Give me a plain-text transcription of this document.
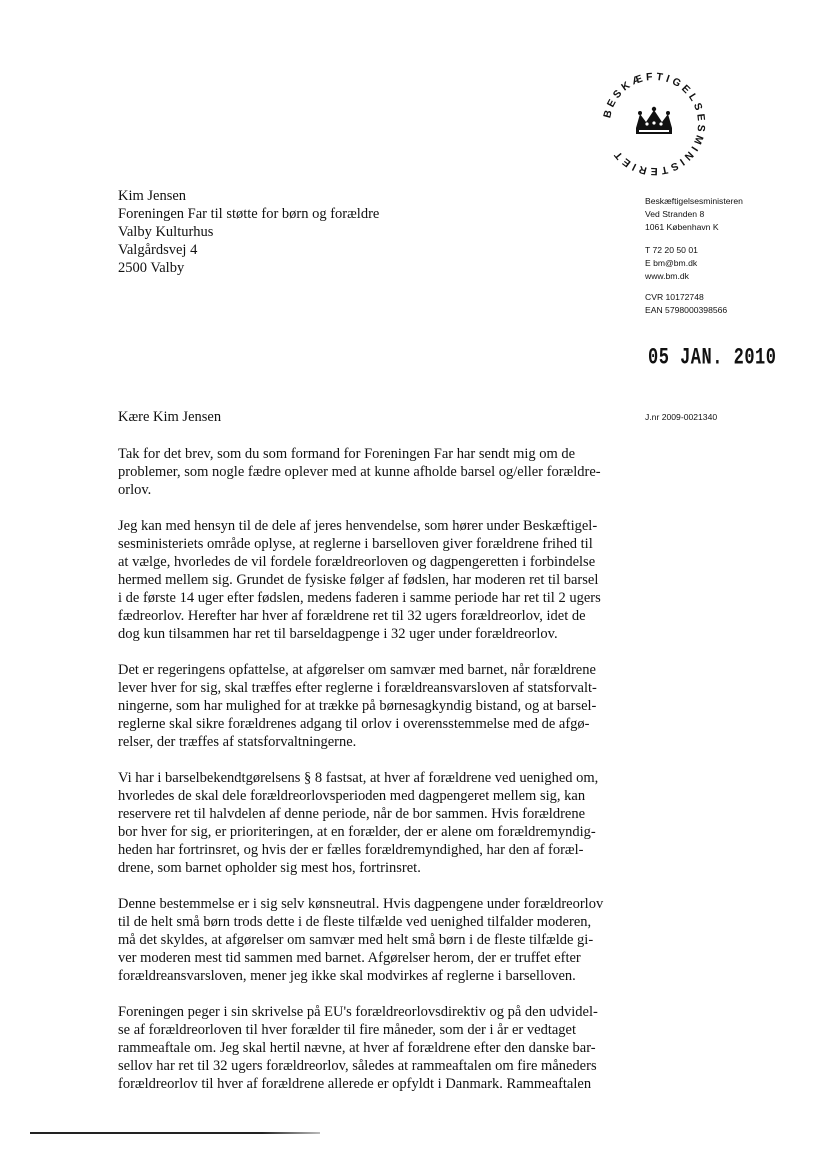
BESKÆFTIGELSESMINISTERIET
Kim Jensen
Foreningen Far til støtte for børn og forældre
Valby Kulturhus
Valgårdsvej 4
2500 Valby
Beskæftigelsesministeren
Ved Stranden 8
1061 København K
T 72 20 50 01
E bm@bm.dk
www.bm.dk
CVR 10172748
EAN 5798000398566
05 JAN. 2010
J.nr 2009-0021340
Kære Kim Jensen
Tak for det brev, som du som formand for Foreningen Far har sendt mig om de
problemer, som nogle fædre oplever med at kunne afholde barsel og/eller forældre-
orlov.
Jeg kan med hensyn til de dele af jeres henvendelse, som hører under Beskæftigel-
sesministeriets område oplyse, at reglerne i barselloven giver forældrene frihed til
at vælge, hvorledes de vil fordele forældreorloven og dagpengeretten i forbindelse
hermed mellem sig. Grundet de fysiske følger af fødslen, har moderen ret til barsel
i de første 14 uger efter fødslen, medens faderen i samme periode har ret til 2 ugers
fædreorlov. Herefter har hver af forældrene ret til 32 ugers forældreorlov, idet de
dog kun tilsammen har ret til barseldagpenge i 32 uger under forældreorlov.
Det er regeringens opfattelse, at afgørelser om samvær med barnet, når forældrene
lever hver for sig, skal træffes efter reglerne i forældreansvarsloven af statsforvalt-
ningerne, som har mulighed for at trække på børnesagkyndig bistand, og at barsel-
reglerne skal sikre forældrenes adgang til orlov i overensstemmelse med de afgø-
relser, der træffes af statsforvaltningerne.
Vi har i barselbekendtgørelsens § 8 fastsat, at hver af forældrene ved uenighed om,
hvorledes de skal dele forældreorlovsperioden med dagpengeret mellem sig, kan
reservere ret til halvdelen af denne periode, når de bor sammen. Hvis forældrene
bor hver for sig, er prioriteringen, at en forælder, der er alene om forældremyndig-
heden har fortrinsret, og hvis der er fælles forældremyndighed, har den af foræl-
drene, som barnet opholder sig mest hos, fortrinsret.
Denne bestemmelse er i sig selv kønsneutral. Hvis dagpengene under forældreorlov
til de helt små børn trods dette i de fleste tilfælde ved uenighed tilfalder moderen,
må det skyldes, at afgørelser om samvær med helt små børn i de fleste tilfælde gi-
ver moderen mest tid sammen med barnet. Afgørelser herom, der er truffet efter
forældreansvarsloven, mener jeg ikke skal modvirkes af reglerne i barselloven.
Foreningen peger i sin skrivelse på EU's forældreorlovsdirektiv og på den udvidel-
se af forældreorloven til hver forælder til fire måneder, som der i år er vedtaget
rammeaftale om. Jeg skal hertil nævne, at hver af forældrene efter den danske bar-
sellov har ret til 32 ugers forældreorlov, således at rammeaftalen om fire måneders
forældreorlov til hver af forældrene allerede er opfyldt i Danmark. Rammeaftalen
